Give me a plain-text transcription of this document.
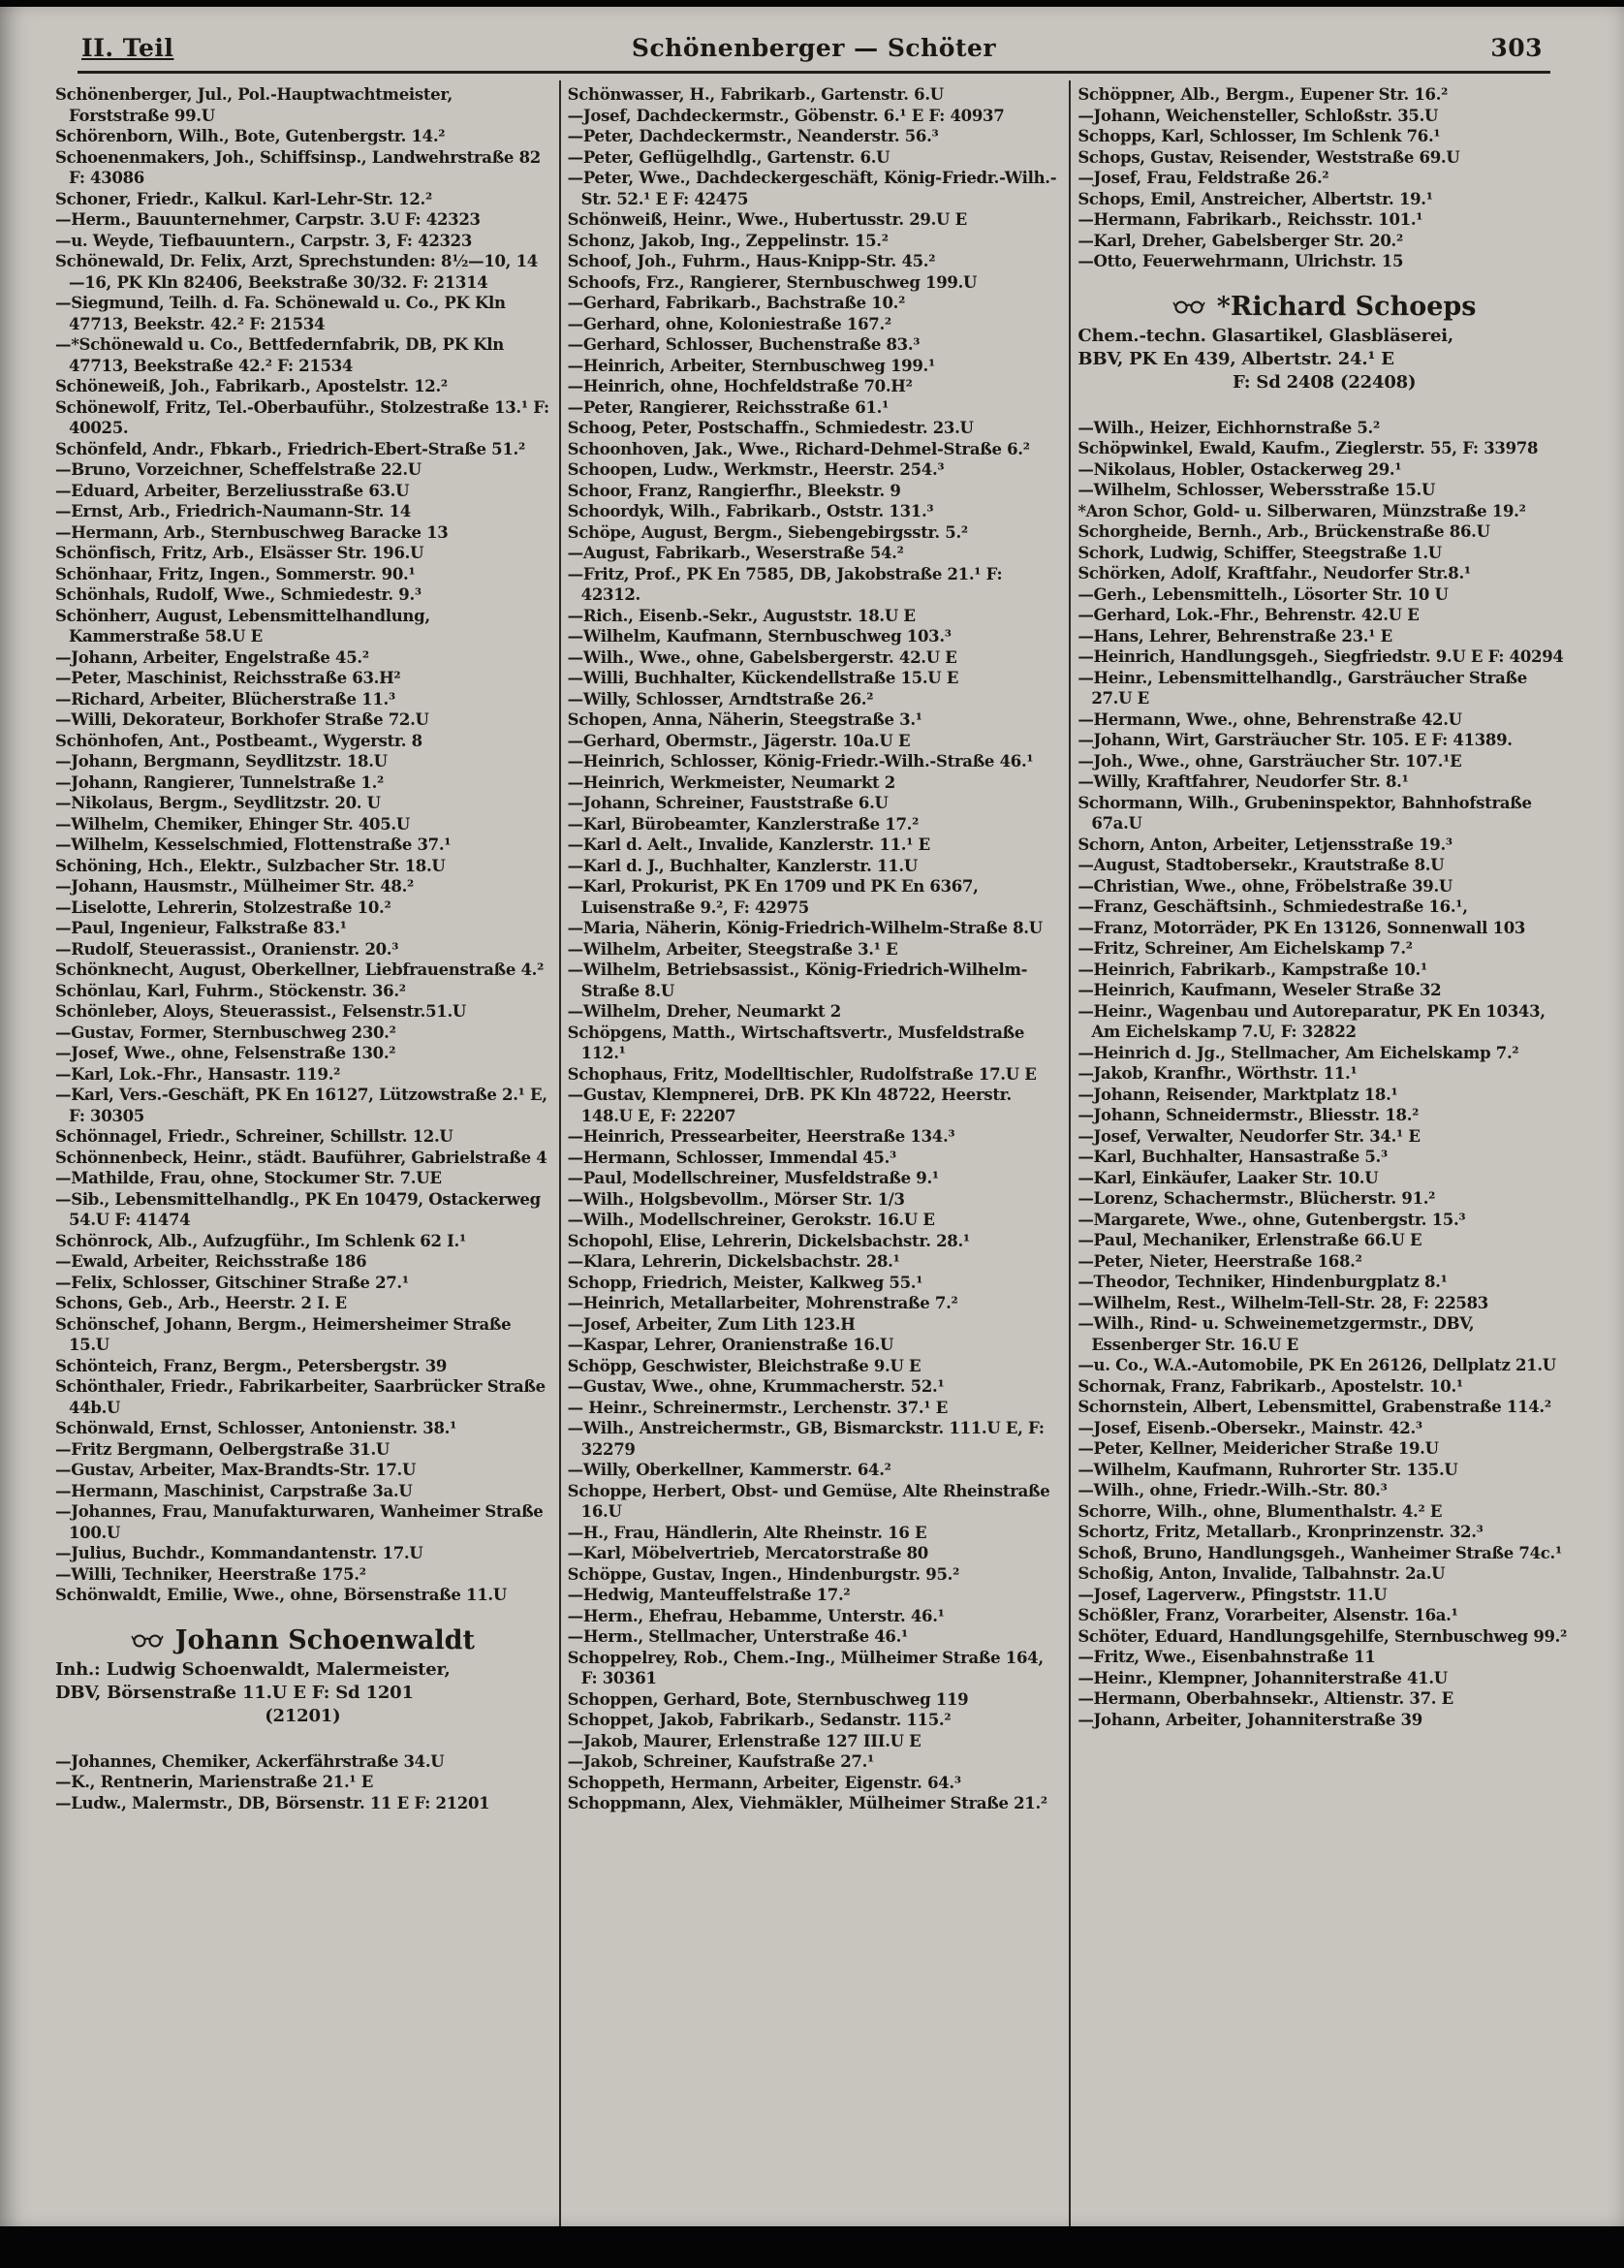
II. Teil	Schönenberger — Schöter	303

Schönenberger, Jul., Pol.-Hauptwachtmeister, Forststraße 99.U

Schörenborn, Wilh., Bote, Gutenbergstr. 14.²

Schoenenmakers, Joh., Schiffsinsp., Landwehrstraße 82 F: 43086

Schoner, Friedr., Kalkul. Karl-Lehr-Str. 12.²

—Herm., Bauunternehmer, Carpstr. 3.U F: 42323

—u. Weyde, Tiefbauuntern., Carpstr. 3, F: 42323

Schönewald, Dr. Felix, Arzt, Sprechstunden: 8½—10, 14—16, PK Kln 82406, Beekstraße 30/32. F: 21314

—Siegmund, Teilh. d. Fa. Schönewald u. Co., PK Kln 47713, Beekstr. 42.² F: 21534

—*Schönewald u. Co., Bettfedernfabrik, DB, PK Kln 47713, Beekstraße 42.² F: 21534

Schöneweiß, Joh., Fabrikarb., Apostelstr. 12.²

Schönewolf, Fritz, Tel.-Oberbauführ., Stolzestraße 13.¹ F: 40025.

Schönfeld, Andr., Fbkarb., Friedrich-Ebert-Straße 51.²

—Bruno, Vorzeichner, Scheffelstraße 22.U

—Eduard, Arbeiter, Berzeliusstraße 63.U

—Ernst, Arb., Friedrich-Naumann-Str. 14

—Hermann, Arb., Sternbuschweg Baracke 13

Schönfisch, Fritz, Arb., Elsässer Str. 196.U

Schönhaar, Fritz, Ingen., Sommerstr. 90.¹

Schönhals, Rudolf, Wwe., Schmiedestr. 9.³

Schönherr, August, Lebensmittelhandlung, Kammerstraße 58.U E

—Johann, Arbeiter, Engelstraße 45.²

—Peter, Maschinist, Reichsstraße 63.H²

—Richard, Arbeiter, Blücherstraße 11.³

—Willi, Dekorateur, Borkhofer Straße 72.U

Schönhofen, Ant., Postbeamt., Wygerstr. 8

—Johann, Bergmann, Seydlitzstr. 18.U

—Johann, Rangierer, Tunnelstraße 1.²

—Nikolaus, Bergm., Seydlitzstr. 20. U

—Wilhelm, Chemiker, Ehinger Str. 405.U

—Wilhelm, Kesselschmied, Flottenstraße 37.¹

Schöning, Hch., Elektr., Sulzbacher Str. 18.U

—Johann, Hausmstr., Mülheimer Str. 48.²

—Liselotte, Lehrerin, Stolzestraße 10.²

—Paul, Ingenieur, Falkstraße 83.¹

—Rudolf, Steuerassist., Oranienstr. 20.³

Schönknecht, August, Oberkellner, Liebfrauenstraße 4.²

Schönlau, Karl, Fuhrm., Stöckenstr. 36.²

Schönleber, Aloys, Steuerassist., Felsenstr.51.U

—Gustav, Former, Sternbuschweg 230.²

—Josef, Wwe., ohne, Felsenstraße 130.²

—Karl, Lok.-Fhr., Hansastr. 119.²

—Karl, Vers.-Geschäft, PK En 16127, Lützowstraße 2.¹ E, F: 30305

Schönnagel, Friedr., Schreiner, Schillstr. 12.U

Schönnenbeck, Heinr., städt. Bauführer, Gabrielstraße 4

—Mathilde, Frau, ohne, Stockumer Str. 7.UE

—Sib., Lebensmittelhandlg., PK En 10479, Ostackerweg 54.U F: 41474

Schönrock, Alb., Aufzugführ., Im Schlenk 62 I.¹

—Ewald, Arbeiter, Reichsstraße 186

—Felix, Schlosser, Gitschiner Straße 27.¹

Schons, Geb., Arb., Heerstr. 2 I. E

Schönschef, Johann, Bergm., Heimersheimer Straße 15.U

Schönteich, Franz, Bergm., Petersbergstr. 39

Schönthaler, Friedr., Fabrikarbeiter, Saarbrücker Straße 44b.U

Schönwald, Ernst, Schlosser, Antonienstr. 38.¹

—Fritz Bergmann, Oelbergstraße 31.U

—Gustav, Arbeiter, Max-Brandts-Str. 17.U

—Hermann, Maschinist, Carpstraße 3a.U

—Johannes, Frau, Manufakturwaren, Wanheimer Straße 100.U

—Julius, Buchdr., Kommandantenstr. 17.U

—Willi, Techniker, Heerstraße 175.²

Schönwaldt, Emilie, Wwe., ohne, Börsenstraße 11.U

Johann Schoenwaldt

Inh.: Ludwig Schoenwaldt, Malermeister,

DBV, Börsenstraße 11.U E F: Sd 1201

(21201)

—Johannes, Chemiker, Ackerfährstraße 34.U

—K., Rentnerin, Marienstraße 21.¹ E

—Ludw., Malermstr., DB, Börsenstr. 11 E F: 21201

Schönwasser, H., Fabrikarb., Gartenstr. 6.U

—Josef, Dachdeckermstr., Göbenstr. 6.¹ E F: 40937

—Peter, Dachdeckermstr., Neanderstr. 56.³

—Peter, Geflügelhdlg., Gartenstr. 6.U

—Peter, Wwe., Dachdeckergeschäft, König-Friedr.-Wilh.-Str. 52.¹ E F: 42475

Schönweiß, Heinr., Wwe., Hubertusstr. 29.U E

Schonz, Jakob, Ing., Zeppelinstr. 15.²

Schoof, Joh., Fuhrm., Haus-Knipp-Str. 45.²

Schoofs, Frz., Rangierer, Sternbuschweg 199.U

—Gerhard, Fabrikarb., Bachstraße 10.²

—Gerhard, ohne, Koloniestraße 167.²

—Gerhard, Schlosser, Buchenstraße 83.³

—Heinrich, Arbeiter, Sternbuschweg 199.¹

—Heinrich, ohne, Hochfeldstraße 70.H²

—Peter, Rangierer, Reichsstraße 61.¹

Schoog, Peter, Postschaffn., Schmiedestr. 23.U

Schoonhoven, Jak., Wwe., Richard-Dehmel-Straße 6.²

Schoopen, Ludw., Werkmstr., Heerstr. 254.³

Schoor, Franz, Rangierfhr., Bleekstr. 9

Schoordyk, Wilh., Fabrikarb., Oststr. 131.³

Schöpe, August, Bergm., Siebengebirgsstr. 5.²

—August, Fabrikarb., Weserstraße 54.²

—Fritz, Prof., PK En 7585, DB, Jakobstraße 21.¹ F: 42312.

—Rich., Eisenb.-Sekr., Auguststr. 18.U E

—Wilhelm, Kaufmann, Sternbuschweg 103.³

—Wilh., Wwe., ohne, Gabelsbergerstr. 42.U E

—Willi, Buchhalter, Kückendellstraße 15.U E

—Willy, Schlosser, Arndtstraße 26.²

Schopen, Anna, Näherin, Steegstraße 3.¹

—Gerhard, Obermstr., Jägerstr. 10a.U E

—Heinrich, Schlosser, König-Friedr.-Wilh.-Straße 46.¹

—Heinrich, Werkmeister, Neumarkt 2

—Johann, Schreiner, Fauststraße 6.U

—Karl, Bürobeamter, Kanzlerstraße 17.²

—Karl d. Aelt., Invalide, Kanzlerstr. 11.¹ E

—Karl d. J., Buchhalter, Kanzlerstr. 11.U

—Karl, Prokurist, PK En 1709 und PK En 6367, Luisenstraße 9.², F: 42975

—Maria, Näherin, König-Friedrich-Wilhelm-Straße 8.U

—Wilhelm, Arbeiter, Steegstraße 3.¹ E

—Wilhelm, Betriebsassist., König-Friedrich-Wilhelm-Straße 8.U

—Wilhelm, Dreher, Neumarkt 2

Schöpgens, Matth., Wirtschaftsvertr., Musfeldstraße 112.¹

Schophaus, Fritz, Modelltischler, Rudolfstraße 17.U E

—Gustav, Klempnerei, DrB. PK Kln 48722, Heerstr. 148.U E, F: 22207

—Heinrich, Pressearbeiter, Heerstraße 134.³

—Hermann, Schlosser, Immendal 45.³

—Paul, Modellschreiner, Musfeldstraße 9.¹

—Wilh., Holgsbevollm., Mörser Str. 1/3

—Wilh., Modellschreiner, Gerokstr. 16.U E

Schopohl, Elise, Lehrerin, Dickelsbachstr. 28.¹

—Klara, Lehrerin, Dickelsbachstr. 28.¹

Schopp, Friedrich, Meister, Kalkweg 55.¹

—Heinrich, Metallarbeiter, Mohrenstraße 7.²

—Josef, Arbeiter, Zum Lith 123.H

—Kaspar, Lehrer, Oranienstraße 16.U

Schöpp, Geschwister, Bleichstraße 9.U E

—Gustav, Wwe., ohne, Krummacherstr. 52.¹

— Heinr., Schreinermstr., Lerchenstr. 37.¹ E

—Wilh., Anstreichermstr., GB, Bismarckstr. 111.U E, F: 32279

—Willy, Oberkellner, Kammerstr. 64.²

Schoppe, Herbert, Obst- und Gemüse, Alte Rheinstraße 16.U

—H., Frau, Händlerin, Alte Rheinstr. 16 E

—Karl, Möbelvertrieb, Mercatorstraße 80

Schöppe, Gustav, Ingen., Hindenburgstr. 95.²

—Hedwig, Manteuffelstraße 17.²

—Herm., Ehefrau, Hebamme, Unterstr. 46.¹

—Herm., Stellmacher, Unterstraße 46.¹

Schoppelrey, Rob., Chem.-Ing., Mülheimer Straße 164, F: 30361

Schoppen, Gerhard, Bote, Sternbuschweg 119

Schoppet, Jakob, Fabrikarb., Sedanstr. 115.²

—Jakob, Maurer, Erlenstraße 127 III.U E

—Jakob, Schreiner, Kaufstraße 27.¹

Schoppeth, Hermann, Arbeiter, Eigenstr. 64.³

Schoppmann, Alex, Viehmäkler, Mülheimer Straße 21.²

Schöppner, Alb., Bergm., Eupener Str. 16.²

—Johann, Weichensteller, Schloßstr. 35.U

Schopps, Karl, Schlosser, Im Schlenk 76.¹

Schops, Gustav, Reisender, Weststraße 69.U

—Josef, Frau, Feldstraße 26.²

Schops, Emil, Anstreicher, Albertstr. 19.¹

—Hermann, Fabrikarb., Reichsstr. 101.¹

—Karl, Dreher, Gabelsberger Str. 20.²

—Otto, Feuerwehrmann, Ulrichstr. 15

*Richard Schoeps

Chem.-techn. Glasartikel, Glasbläserei,

BBV, PK En 439, Albertstr. 24.¹ E

F: Sd 2408 (22408)

—Wilh., Heizer, Eichhornstraße 5.²

Schöpwinkel, Ewald, Kaufm., Zieglerstr. 55, F: 33978

—Nikolaus, Hobler, Ostackerweg 29.¹

—Wilhelm, Schlosser, Webersstraße 15.U

*Aron Schor, Gold- u. Silberwaren, Münzstraße 19.²

Schorgheide, Bernh., Arb., Brückenstraße 86.U

Schork, Ludwig, Schiffer, Steegstraße 1.U

Schörken, Adolf, Kraftfahr., Neudorfer Str.8.¹

—Gerh., Lebensmittelh., Lösorter Str. 10 U

—Gerhard, Lok.-Fhr., Behrenstr. 42.U E

—Hans, Lehrer, Behrenstraße 23.¹ E

—Heinrich, Handlungsgeh., Siegfriedstr. 9.U E F: 40294

—Heinr., Lebensmittelhandlg., Garsträucher Straße 27.U E

—Hermann, Wwe., ohne, Behrenstraße 42.U

—Johann, Wirt, Garsträucher Str. 105. E F: 41389.

—Joh., Wwe., ohne, Garsträucher Str. 107.¹E

—Willy, Kraftfahrer, Neudorfer Str. 8.¹

Schormann, Wilh., Grubeninspektor, Bahnhofstraße 67a.U

Schorn, Anton, Arbeiter, Letjensstraße 19.³

—August, Stadtobersekr., Krautstraße 8.U

—Christian, Wwe., ohne, Fröbelstraße 39.U

—Franz, Geschäftsinh., Schmiedestraße 16.¹,

—Franz, Motorräder, PK En 13126, Sonnenwall 103

—Fritz, Schreiner, Am Eichelskamp 7.²

—Heinrich, Fabrikarb., Kampstraße 10.¹

—Heinrich, Kaufmann, Weseler Straße 32

—Heinr., Wagenbau und Autoreparatur, PK En 10343, Am Eichelskamp 7.U, F: 32822

—Heinrich d. Jg., Stellmacher, Am Eichelskamp 7.²

—Jakob, Kranfhr., Wörthstr. 11.¹

—Johann, Reisender, Marktplatz 18.¹

—Johann, Schneidermstr., Bliesstr. 18.²

—Josef, Verwalter, Neudorfer Str. 34.¹ E

—Karl, Buchhalter, Hansastraße 5.³

—Karl, Einkäufer, Laaker Str. 10.U

—Lorenz, Schachermstr., Blücherstr. 91.²

—Margarete, Wwe., ohne, Gutenbergstr. 15.³

—Paul, Mechaniker, Erlenstraße 66.U E

—Peter, Nieter, Heerstraße 168.²

—Theodor, Techniker, Hindenburgplatz 8.¹

—Wilhelm, Rest., Wilhelm-Tell-Str. 28, F: 22583

—Wilh., Rind- u. Schweinemetzgermstr., DBV, Essenberger Str. 16.U E

—u. Co., W.A.-Automobile, PK En 26126, Dellplatz 21.U

Schornak, Franz, Fabrikarb., Apostelstr. 10.¹

Schornstein, Albert, Lebensmittel, Grabenstraße 114.²

—Josef, Eisenb.-Obersekr., Mainstr. 42.³

—Peter, Kellner, Meidericher Straße 19.U

—Wilhelm, Kaufmann, Ruhrorter Str. 135.U

—Wilh., ohne, Friedr.-Wilh.-Str. 80.³

Schorre, Wilh., ohne, Blumenthalstr. 4.² E

Schortz, Fritz, Metallarb., Kronprinzenstr. 32.³

Schoß, Bruno, Handlungsgeh., Wanheimer Straße 74c.¹

Schoßig, Anton, Invalide, Talbahnstr. 2a.U

—Josef, Lagerverw., Pfingststr. 11.U

Schößler, Franz, Vorarbeiter, Alsenstr. 16a.¹

Schöter, Eduard, Handlungsgehilfe, Sternbuschweg 99.²

—Fritz, Wwe., Eisenbahnstraße 11

—Heinr., Klempner, Johanniterstraße 41.U

—Hermann, Oberbahnsekr., Altienstr. 37. E

—Johann, Arbeiter, Johanniterstraße 39
